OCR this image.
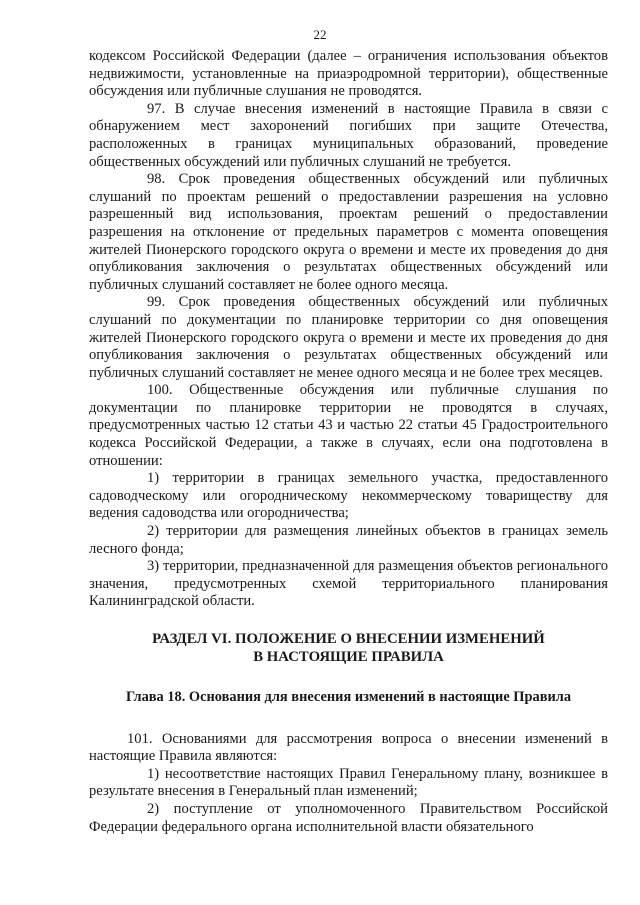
22

кодексом Российской Федерации (далее – ограничения использования объектов недвижимости, установленные на приаэродромной территории), общественные обсуждения или публичные слушания не проводятся.

97. В случае внесения изменений в настоящие Правила в связи с обнаружением мест захоронений погибших при защите Отечества, расположенных в границах муниципальных образований, проведение общественных обсуждений или публичных слушаний не требуется.

98. Срок проведения общественных обсуждений или публичных слушаний по проектам решений о предоставлении разрешения на условно разрешенный вид использования, проектам решений о предоставлении разрешения на отклонение от предельных параметров с момента оповещения жителей Пионерского городского округа о времени и месте их проведения до дня опубликования заключения о результатах общественных обсуждений или публичных слушаний составляет не более одного месяца.

99. Срок проведения общественных обсуждений или публичных слушаний по документации по планировке территории со дня оповещения жителей Пионерского городского округа о времени и месте их проведения до дня опубликования заключения о результатах общественных обсуждений или публичных слушаний составляет не менее одного месяца и не более трех месяцев.

100. Общественные обсуждения или публичные слушания по документации по планировке территории не проводятся в случаях, предусмотренных частью 12 статьи 43 и частью 22 статьи 45 Градостроительного кодекса Российской Федерации, а также в случаях, если она подготовлена в отношении:

1) территории в границах земельного участка, предоставленного садоводческому или огородническому некоммерческому товариществу для ведения садоводства или огородничества;

2) территории для размещения линейных объектов в границах земель лесного фонда;

3) территории, предназначенной для размещения объектов регионального значения, предусмотренных схемой территориального планирования Калининградской области.

РАЗДЕЛ VI. ПОЛОЖЕНИЕ О ВНЕСЕНИИ ИЗМЕНЕНИЙ
В НАСТОЯЩИЕ ПРАВИЛА
Глава 18. Основания для внесения изменений в настоящие Правила

101. Основаниями для рассмотрения вопроса о внесении изменений в настоящие Правила являются:

1) несоответствие настоящих Правил Генеральному плану, возникшее в результате внесения в Генеральный план изменений;

2) поступление от уполномоченного Правительством Российской Федерации федерального органа исполнительной власти обязательного
